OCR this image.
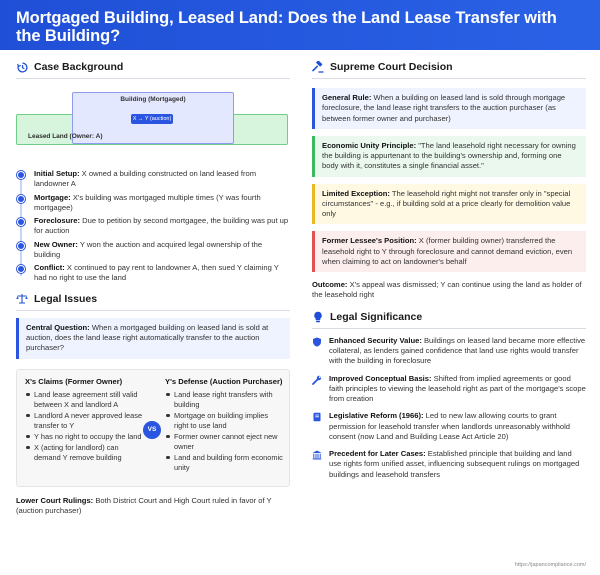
Mortgaged Building, Leased Land: Does the Land Lease Transfer with the Building?
Supreme Court of Japan, May 4, 1965
Case Background
Building (Mortgaged)
X → Y (auction)
Leased Land (Owner: A)
Initial Setup: X owned a building constructed on land leased from landowner A
Mortgage: X's building was mortgaged multiple times (Y was fourth mortgagee)
Foreclosure: Due to petition by second mortgagee, the building was put up for auction
New Owner: Y won the auction and acquired legal ownership of the building
Conflict: X continued to pay rent to landowner A, then sued Y claiming Y had no right to use the land
Legal Issues
Central Question: When a mortgaged building on leased land is sold at auction, does the land lease right automatically transfer to the auction purchaser?
X's Claims (Former Owner)
Land lease agreement still valid between X and landlord A
Landlord A never approved lease transfer to Y
Y has no right to occupy the land
X (acting for landlord) can demand Y remove building
VS
Y's Defense (Auction Purchaser)
Land lease right transfers with building
Mortgage on building implies right to use land
Former owner cannot eject new owner
Land and building form economic unity
Lower Court Rulings: Both District Court and High Court ruled in favor of Y (auction purchaser)
Supreme Court Decision
General Rule: When a building on leased land is sold through mortgage foreclosure, the land lease right transfers to the auction purchaser (as between former owner and purchaser)
Economic Unity Principle: "The land leasehold right necessary for owning the building is appurtenant to the building's ownership and, forming one body with it, constitutes a single financial asset."
Limited Exception: The leasehold right might not transfer only in "special circumstances" - e.g., if building sold at a price clearly for demolition value only
Former Lessee's Position: X (former building owner) transferred the leasehold right to Y through foreclosure and cannot demand eviction, even when claiming to act on landowner's behalf
Outcome: X's appeal was dismissed; Y can continue using the land as holder of the leasehold right
Legal Significance
Enhanced Security Value: Buildings on leased land became more effective collateral, as lenders gained confidence that land use rights would transfer with the building in foreclosure
Improved Conceptual Basis: Shifted from implied agreements or good faith principles to viewing the leasehold right as part of the mortgage's scope from creation
Legislative Reform (1966): Led to new law allowing courts to grant permission for leasehold transfer when landlords unreasonably withhold consent (now Land and Building Lease Act Article 20)
Precedent for Later Cases: Established principle that building and land use rights form unified asset, influencing subsequent rulings on mortgaged buildings and leasehold transfers
https://japancompliance.com/
